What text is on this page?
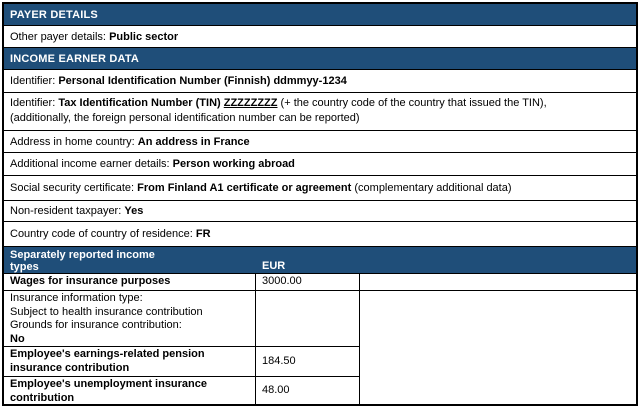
PAYER DETAILS
Other payer details: Public sector
INCOME EARNER DATA
Identifier: Personal Identification Number (Finnish) ddmmyy-1234
Identifier: Tax Identification Number (TIN) ZZZZZZZZ (+ the country code of the country that issued the TIN),
(additionally, the foreign personal identification number can be reported)
Address in home country: An address in France
Additional income earner details: Person working abroad
Social security certificate: From Finland A1 certificate or agreement (complementary additional data)
Non-resident taxpayer: Yes
Country code of country of residence: FR
Separately reported income
types	EUR
Wages for insurance purposes	3000.00
Insurance information type:
Subject to health insurance contribution
Grounds for insurance contribution:
No
Employee's earnings-related pension insurance contribution
184.50
Employee's unemployment insurance contribution
48.00
